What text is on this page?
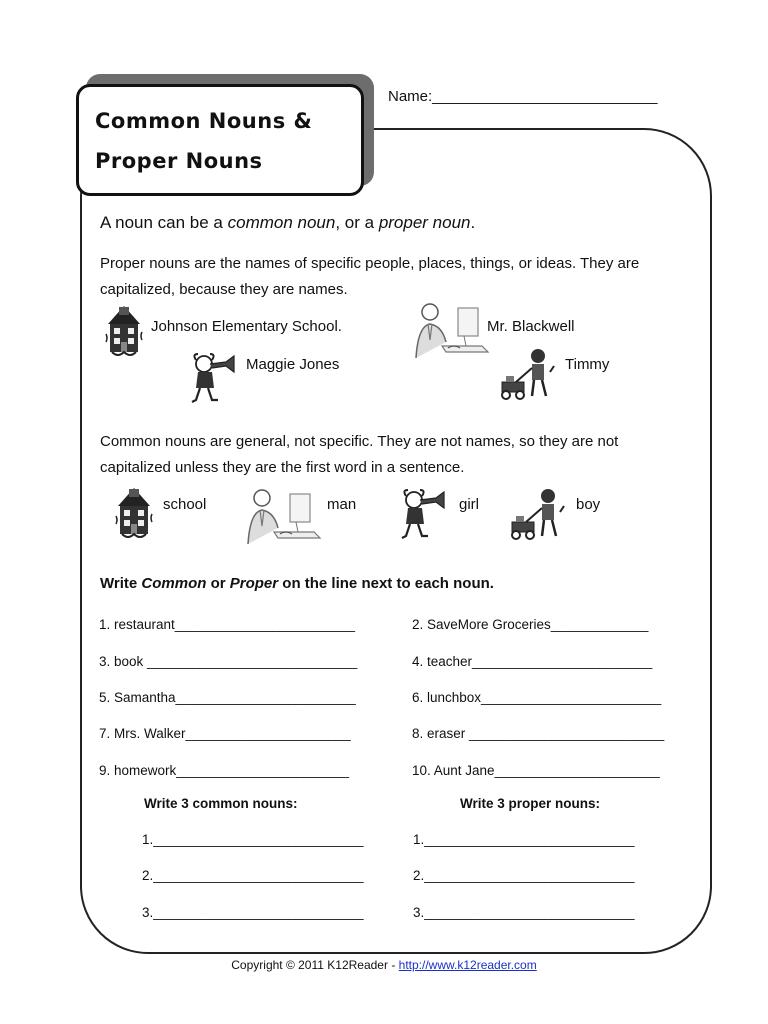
Common Nouns &
Proper Nouns
Name:___________________________
A noun can be a common noun, or a proper noun.
Proper nouns are the names of specific people, places, things, or ideas. They are
capitalized, because they are names.
Johnson Elementary School.	Mr. Blackwell
Maggie Jones	Timmy
Common nouns are general, not specific. They are not names, so they are not
capitalized unless they are the first word in a sentence.
school	man	girl	boy
Write Common or Proper on the line next to each noun.
1. restaurant________________________	2. SaveMore Groceries_____________
3. book ____________________________	4. teacher________________________
5. Samantha________________________	6. lunchbox________________________
7. Mrs. Walker______________________	8. eraser __________________________
9. homework_______________________	10. Aunt Jane______________________
Write 3 common nouns:	Write 3 proper nouns:
1.____________________________
2.____________________________
3.____________________________
1.____________________________
2.____________________________
3.____________________________
Copyright © 2011 K12Reader - http://www.k12reader.com
